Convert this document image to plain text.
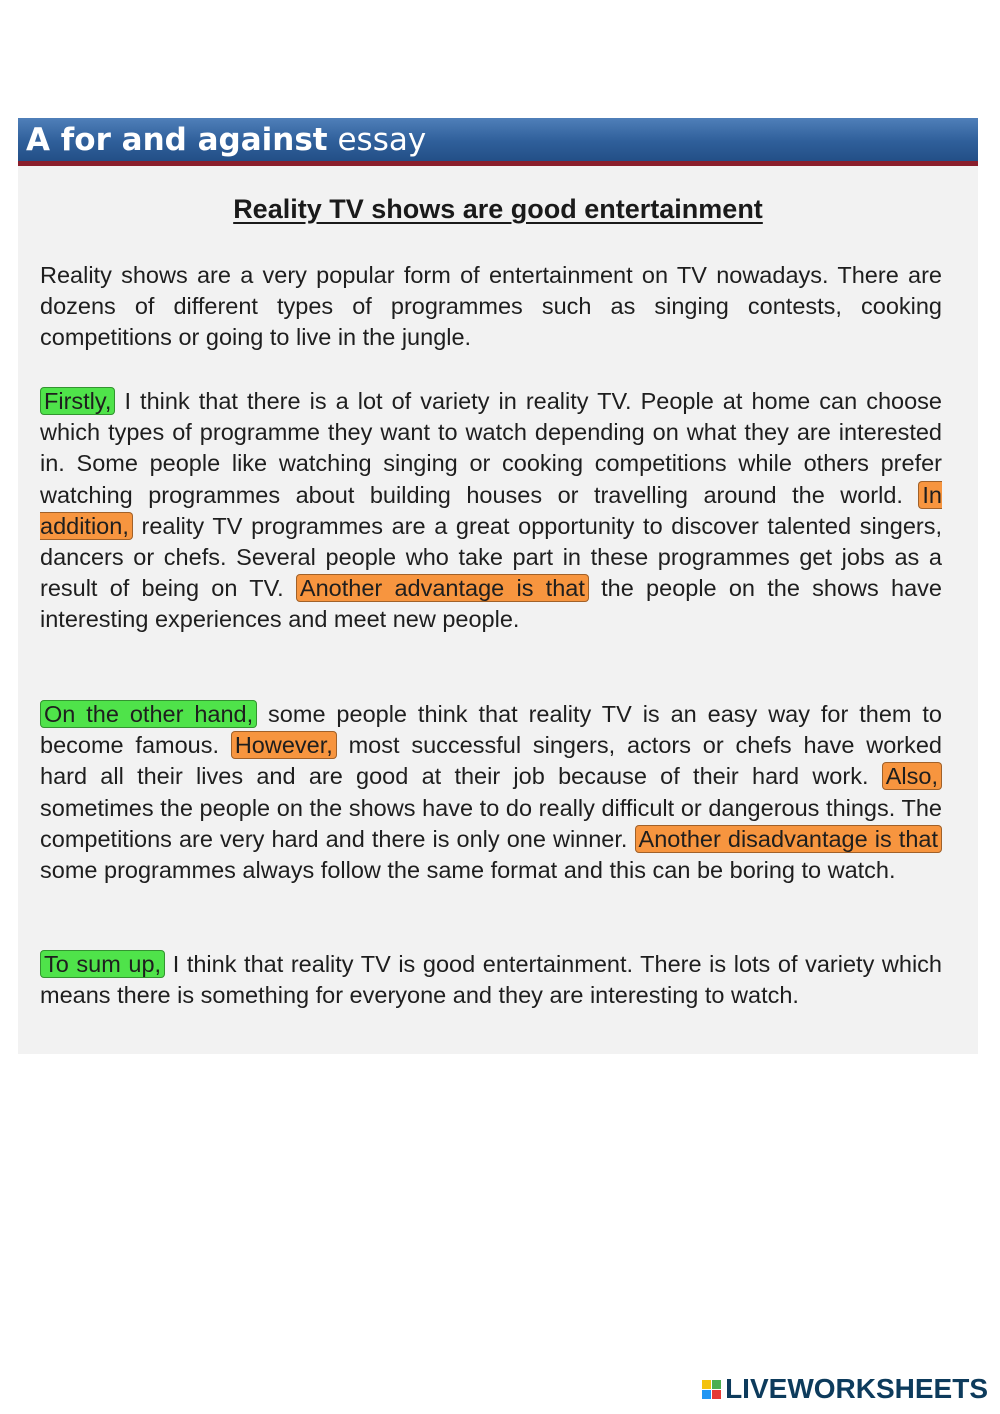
A for and against essay
Reality TV shows are good entertainment

Reality shows are a very popular form of entertainment on TV nowadays. There are dozens of different types of programmes such as singing contests, cooking competitions or going to live in the jungle.

Firstly, I think that there is a lot of variety in reality TV. People at home can choose which types of programme they want to watch depending on what they are interested in. Some people like watching singing or cooking competitions while others prefer watching programmes about building houses or travelling around the world. In addition, reality TV programmes are a great opportunity to discover talented singers, dancers or chefs. Several people who take part in these programmes get jobs as a result of being on TV. Another advantage is that the people on the shows have interesting experiences and meet new people.

On the other hand, some people think that reality TV is an easy way for them to become famous. However, most successful singers, actors or chefs have worked hard all their lives and are good at their job because of their hard work. Also, sometimes the people on the shows have to do really difficult or dangerous things. The competitions are very hard and there is only one winner. Another disadvantage is that some programmes always follow the same format and this can be boring to watch.

To sum up, I think that reality TV is good entertainment. There is lots of variety which means there is something for everyone and they are interesting to watch.

LIVEWORKSHEETS
